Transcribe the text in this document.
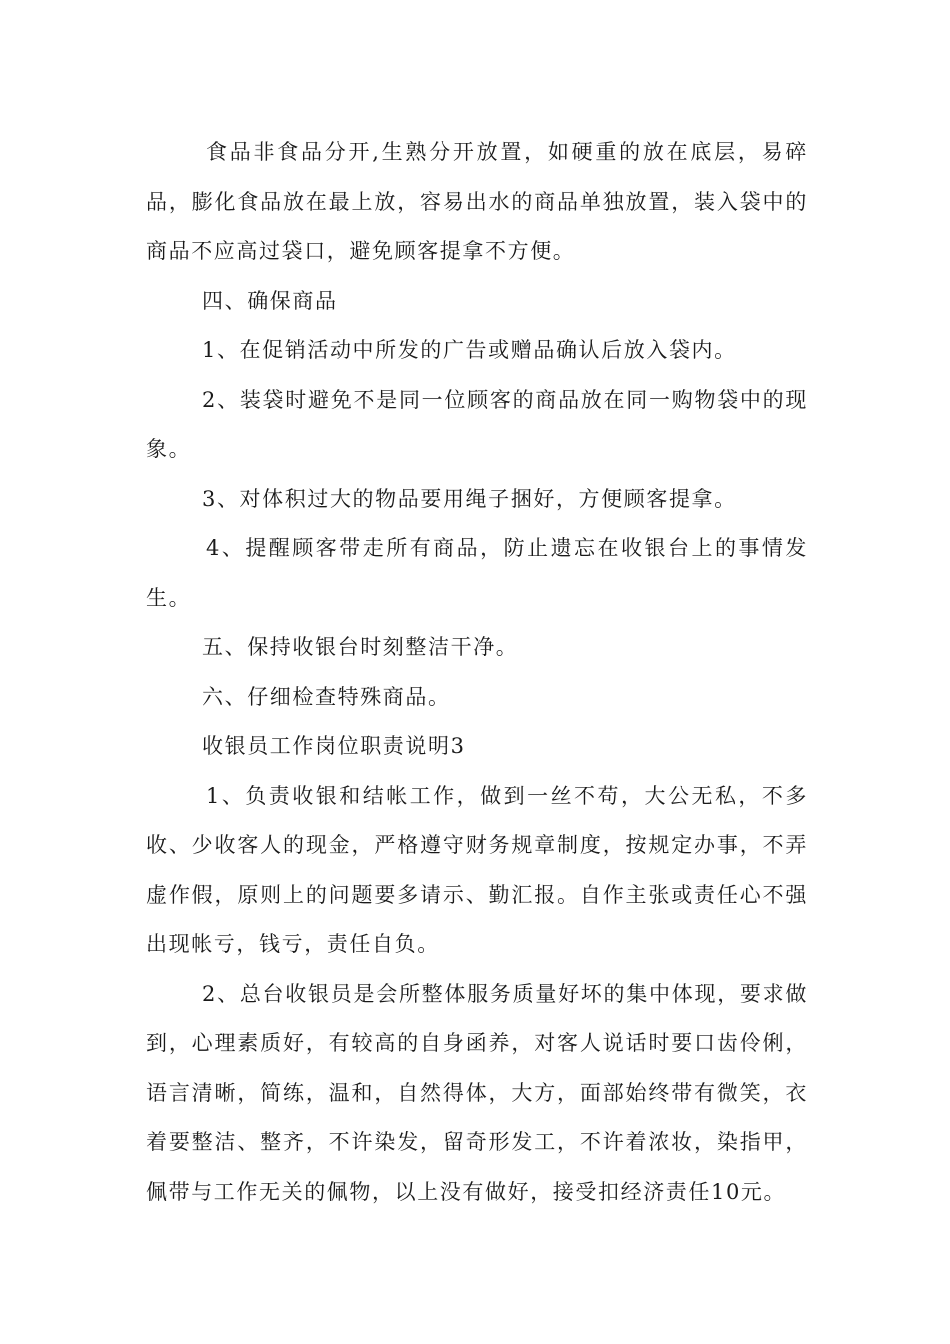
食品非食品分开,生熟分开放置，如硬重的放在底层，易碎品，膨化食品放在最上放，容易出水的商品单独放置，装入袋中的商品不应高过袋口，避免顾客提拿不方便。

四、确保商品

1、在促销活动中所发的广告或赠品确认后放入袋内。

2、装袋时避免不是同一位顾客的商品放在同一购物袋中的现象。

3、对体积过大的物品要用绳子捆好，方便顾客提拿。

4、提醒顾客带走所有商品，防止遗忘在收银台上的事情发生。

五、保持收银台时刻整洁干净。

六、仔细检查特殊商品。

收银员工作岗位职责说明3

1、负责收银和结帐工作，做到一丝不苟，大公无私，不多收、少收客人的现金，严格遵守财务规章制度，按规定办事，不弄虚作假，原则上的问题要多请示、勤汇报。自作主张或责任心不强出现帐亏，钱亏，责任自负。

2、总台收银员是会所整体服务质量好坏的集中体现，要求做到，心理素质好，有较高的自身函养，对客人说话时要口齿伶俐，语言清晰，简练，温和，自然得体，大方，面部始终带有微笑，衣着要整洁、整齐，不许染发，留奇形发工，不许着浓妆，染指甲，佩带与工作无关的佩物，以上没有做好，接受扣经济责任10元。
